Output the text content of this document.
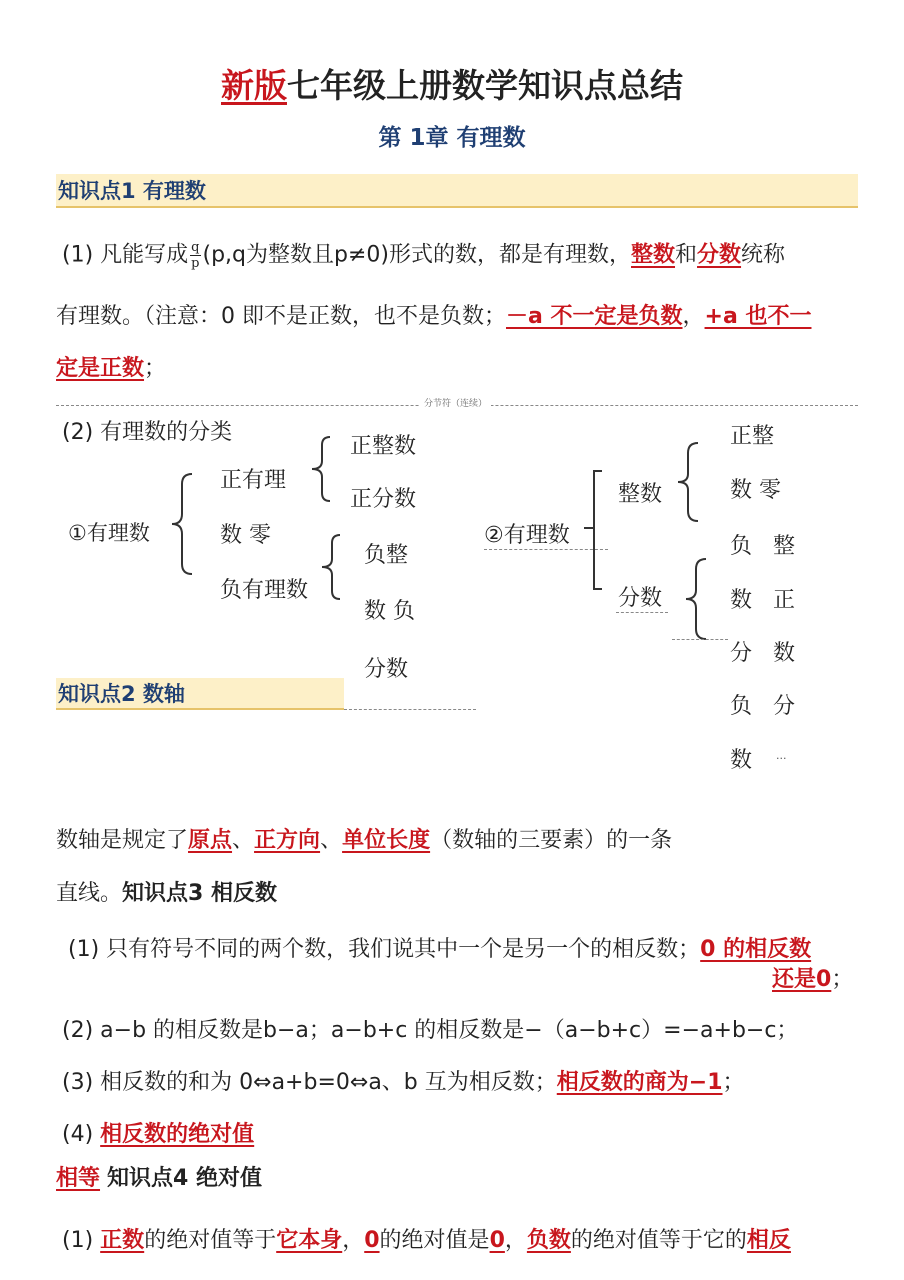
新版七年级上册数学知识点总结
第 1章 有理数
知识点1 有理数
(1) 凡能写成 $\frac{q}{p} (p,q$为整数且p≠0)形式的数，都是有理数，整数和分数统称
有理数。（注意：0 即不是正数，也不是负数；－a 不一定是负数，+a 也不一
定是正数；
分节符（连续）
(2) 有理数的分类
①有理数
正有理
数 零
负有理数
正整数
正分数
负整
数 负
分数
②有理数
整数
分数
正整
数 零
负   整
数   正
分   数
负   分
数 ···
知识点2 数轴
数轴是规定了原点、正方向、单位长度（数轴的三要素）的一条
直线。知识点3 相反数
(1) 只有符号不同的两个数，我们说其中一个是另一个的相反数；0 的相反数
还是0；
(2) a−b 的相反数是b−a；a−b+c 的相反数是−（a−b+c）=−a+b−c；
(3) 相反数的和为 0⇔a+b=0⇔a、b 互为相反数；相反数的商为−1；
(4) 相反数的绝对值
相等 知识点4 绝对值
(1) 正数的绝对值等于它本身，0的绝对值是0，负数的绝对值等于它的相反
